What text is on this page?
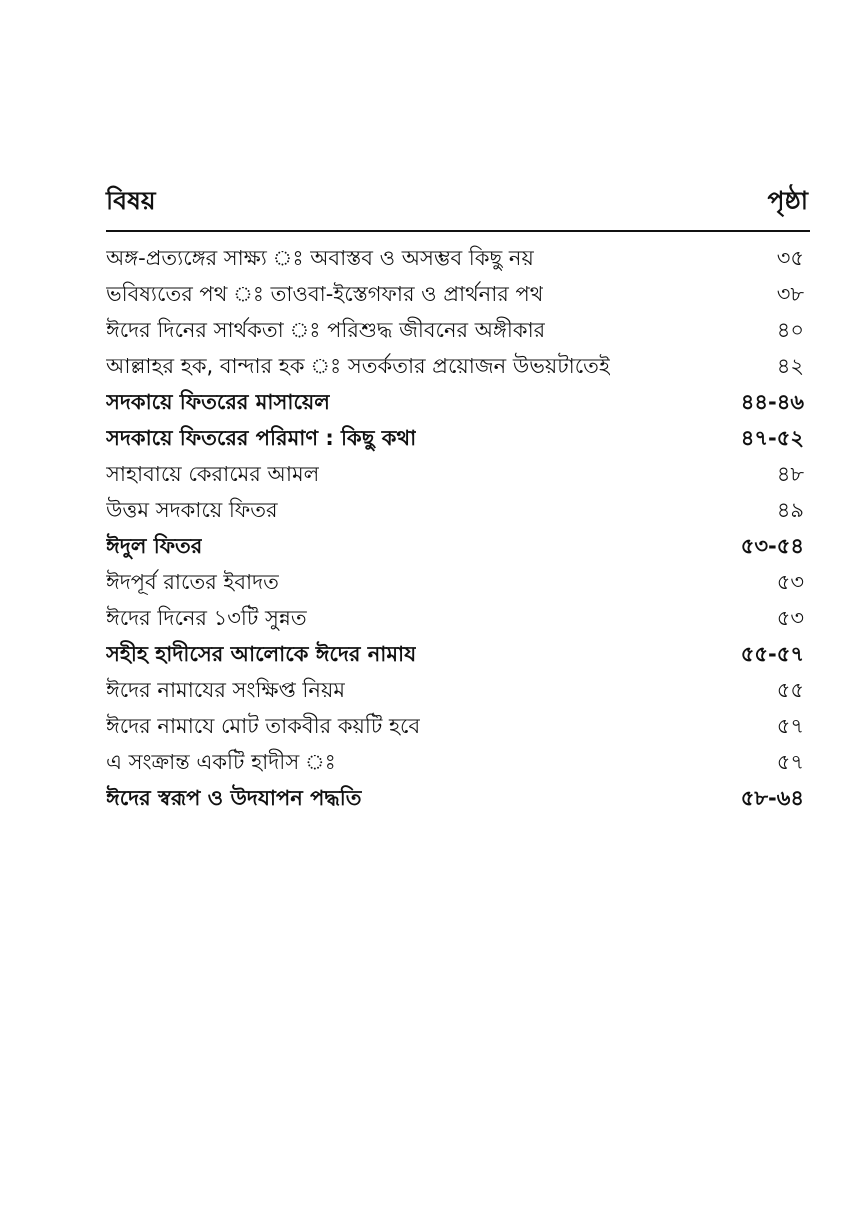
বিষয়	পৃষ্ঠা
অঙ্গ-প্রত্যঙ্গের সাক্ষ্য ঃ অবাস্তব ও অসম্ভব কিছু নয়	৩৫
ভবিষ্যতের পথ ঃ তাওবা-ইস্তেগফার ও প্রার্থনার পথ	৩৮
ঈদের দিনের সার্থকতা ঃ পরিশুদ্ধ জীবনের অঙ্গীকার	৪০
আল্লাহর হক, বান্দার হক ঃ সতর্কতার প্রয়োজন উভয়টাতেই	৪২
সদকায়ে ফিতরের মাসায়েল	৪৪-৪৬
সদকায়ে ফিতরের পরিমাণ : কিছু কথা	৪৭-৫২
সাহাবায়ে কেরামের আমল	৪৮
উত্তম সদকায়ে ফিতর	৪৯
ঈদুল ফিতর	৫৩-৫৪
ঈদপূর্ব রাতের ইবাদত	৫৩
ঈদের দিনের ১৩টি সুন্নত	৫৩
সহীহ হাদীসের আলোকে ঈদের নামায	৫৫-৫৭
ঈদের নামাযের সংক্ষিপ্ত নিয়ম	৫৫
ঈদের নামাযে মোট তাকবীর কয়টি হবে	৫৭
এ সংক্রান্ত একটি হাদীস ঃ	৫৭
ঈদের স্বরূপ ও উদযাপন পদ্ধতি	৫৮-৬৪
